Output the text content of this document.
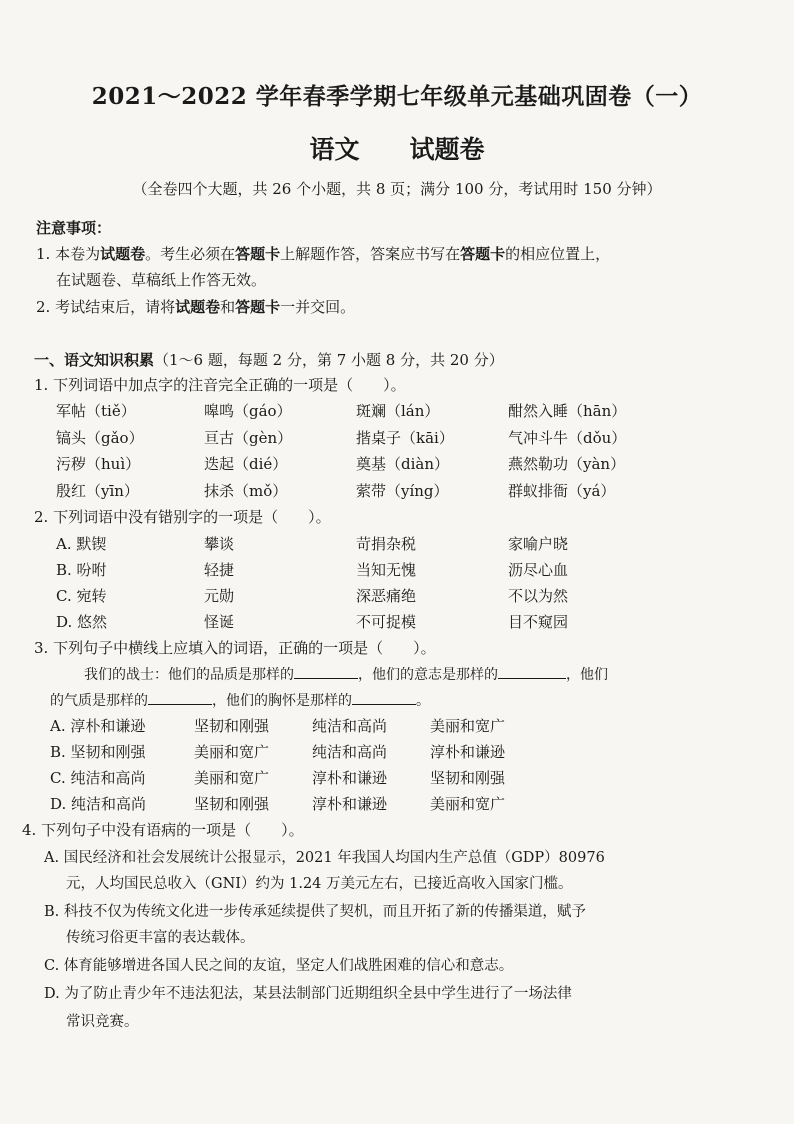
2021～2022 学年春季学期七年级单元基础巩固卷（一）
语文　　 试题卷
（全卷四个大题，共 26 个小题，共 8 页；满分 100 分，考试用时 150 分钟）
注意事项：
1. 本卷为试题卷。考生必须在答题卡上解题作答，答案应书写在答题卡的相应位置上，
在试题卷、草稿纸上作答无效。
2. 考试结束后，请将试题卷和答题卡一并交回。
一、语文知识积累（1～6 题，每题 2 分，第 7 小题 8 分，共 20 分）
1. 下列词语中加点字的注音完全正确的一项是（　　）。
军帖（tiě）	嗥鸣（gáo）	斑斓（lán）	酣然入睡（hān）
镐头（gǎo）	亘古（gèn）	揩桌子（kāi）	气冲斗牛（dǒu）
污秽（huì）	迭起（dié）	奠基（diàn）	燕然勒功（yàn）
殷红（yīn）	抹杀（mǒ）	萦带（yíng）	群蚁排衙（yá）
2. 下列词语中没有错别字的一项是（　　）。
A. 默锲	攀谈	苛捐杂税	家喻户晓
B. 吩咐	轻捷	当知无愧	沥尽心血
C. 宛转	元勋	深恶痛绝	不以为然
D. 悠然	怪诞	不可捉模	目不窥园
3. 下列句子中横线上应填入的词语，正确的一项是（　　）。
我们的战士：他们的品质是那样的	，他们的意志是那样的	，他们
的气质是那样的	，他们的胸怀是那样的	。
A. 淳朴和谦逊	坚韧和刚强	纯洁和高尚	美丽和宽广
B. 坚韧和刚强	美丽和宽广	纯洁和高尚	淳朴和谦逊
C. 纯洁和高尚	美丽和宽广	淳朴和谦逊	坚韧和刚强
D. 纯洁和高尚	坚韧和刚强	淳朴和谦逊	美丽和宽广
4. 下列句子中没有语病的一项是（　　）。
A. 国民经济和社会发展统计公报显示，2021 年我国人均国内生产总值（GDP）80976
元，人均国民总收入（GNI）约为 1.24 万美元左右，已接近高收入国家门槛。
B. 科技不仅为传统文化进一步传承延续提供了契机，而且开拓了新的传播渠道，赋予
传统习俗更丰富的表达载体。
C. 体育能够增进各国人民之间的友谊，坚定人们战胜困难的信心和意志。
D. 为了防止青少年不违法犯法，某县法制部门近期组织全县中学生进行了一场法律
常识竞赛。
